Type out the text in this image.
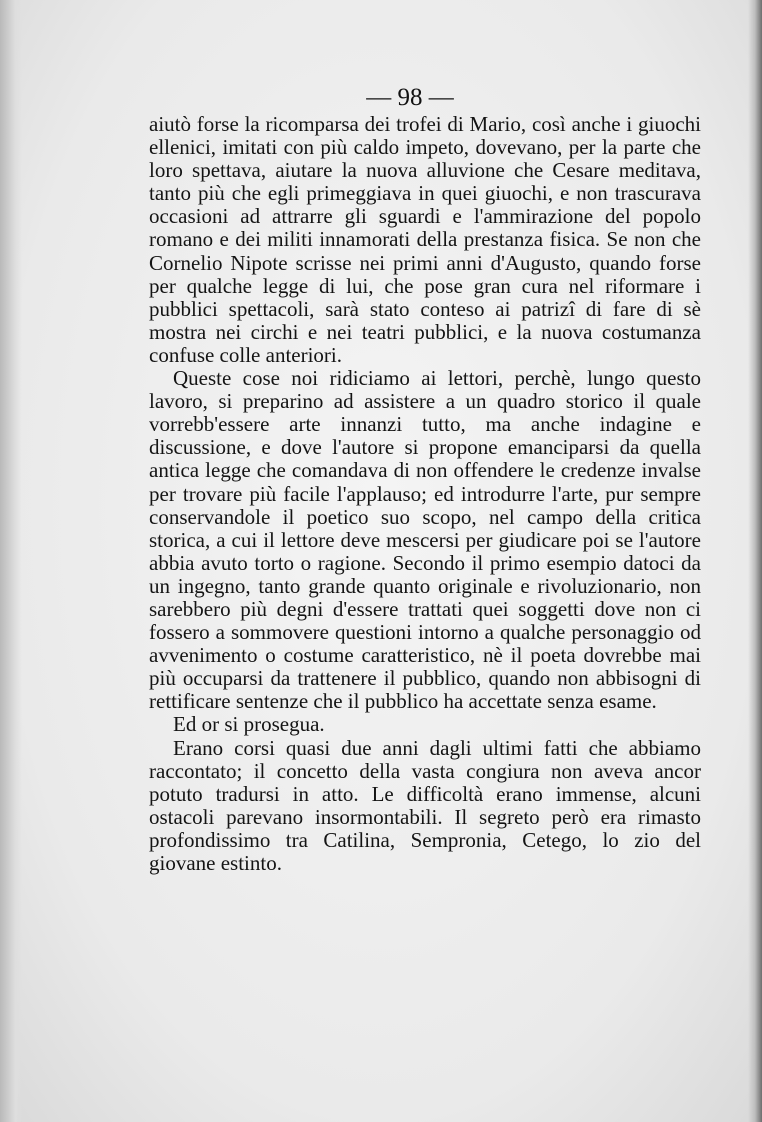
— 98 —

aiutò forse la ricomparsa dei trofei di Mario, così anche i giuochi ellenici, imitati con più caldo impeto, dovevano, per la parte che loro spettava, aiutare la nuova alluvione che Cesare meditava, tanto più che egli primeggiava in quei giuochi, e non trascurava occasioni ad attrarre gli sguardi e l'ammirazione del popolo romano e dei militi innamorati della prestanza fisica. Se non che Cornelio Nipote scrisse nei primi anni d'Augusto, quando forse per qualche legge di lui, che pose gran cura nel riformare i pubblici spettacoli, sarà stato conteso ai patrizî di fare di sè mostra nei circhi e nei teatri pubblici, e la nuova costumanza confuse colle anteriori.

Queste cose noi ridiciamo ai lettori, perchè, lungo questo lavoro, si preparino ad assistere a un quadro storico il quale vorrebb'essere arte innanzi tutto, ma anche indagine e discussione, e dove l'autore si propone emanciparsi da quella antica legge che comandava di non offendere le credenze invalse per trovare più facile l'applauso; ed introdurre l'arte, pur sempre conservandole il poetico suo scopo, nel campo della critica storica, a cui il lettore deve mescersi per giudicare poi se l'autore abbia avuto torto o ragione. Secondo il primo esempio datoci da un ingegno, tanto grande quanto originale e rivoluzionario, non sarebbero più degni d'essere trattati quei soggetti dove non ci fossero a sommovere questioni intorno a qualche personaggio od avvenimento o costume caratteristico, nè il poeta dovrebbe mai più occuparsi da trattenere il pubblico, quando non abbisogni di rettificare sentenze che il pubblico ha accettate senza esame.

Ed or si prosegua.

Erano corsi quasi due anni dagli ultimi fatti che abbiamo raccontato; il concetto della vasta congiura non aveva ancor potuto tradursi in atto. Le difficoltà erano immense, alcuni ostacoli parevano insormontabili. Il segreto però era rimasto profondissimo tra Catilina, Sempronia, Cetego, lo zio del giovane estinto.
